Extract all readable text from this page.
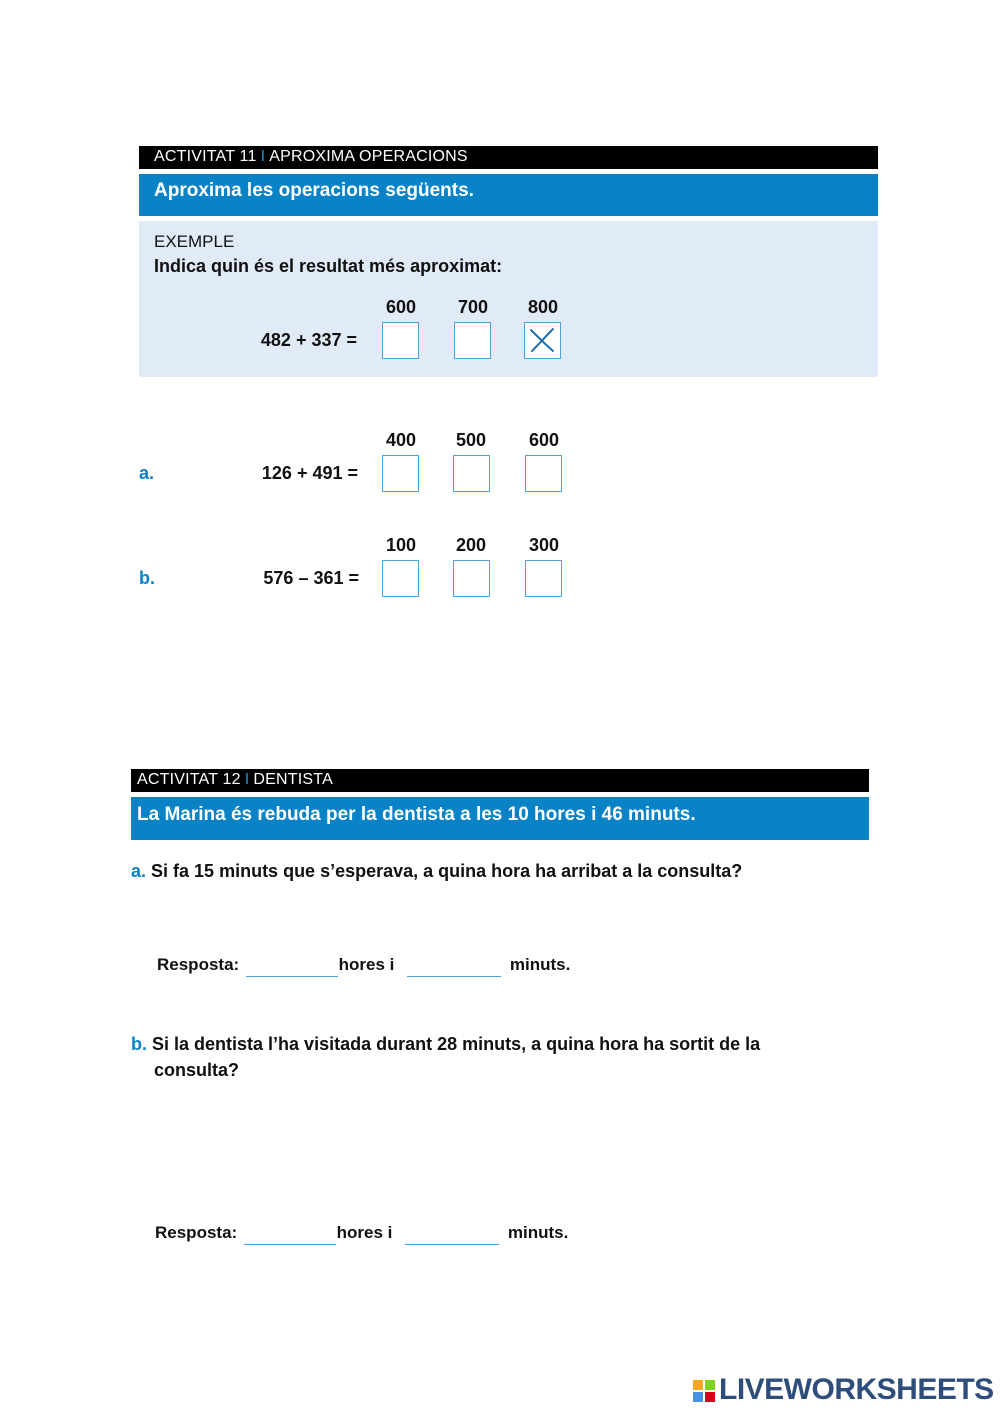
ACTIVITAT 11 I APROXIMA OPERACIONS
Aproxima les operacions següents.
EXEMPLE
Indica quin és el resultat més aproximat:
600	700	800
482 + 337 =
400	500	600
a.	126 + 491 =
100	200	300
b.	576 – 361 =
ACTIVITAT 12 I DENTISTA
La Marina és rebuda per la dentista a les 10 hores i 46 minuts.
a. Si fa 15 minuts que s’esperava, a quina hora ha arribat a la consulta?
Resposta:	hores i	minuts.
b. Si la dentista l’ha visitada durant 28 minuts, a quina hora ha sortit de la
consulta?
Resposta:	hores i	minuts.
LIVEWORKSHEETS
